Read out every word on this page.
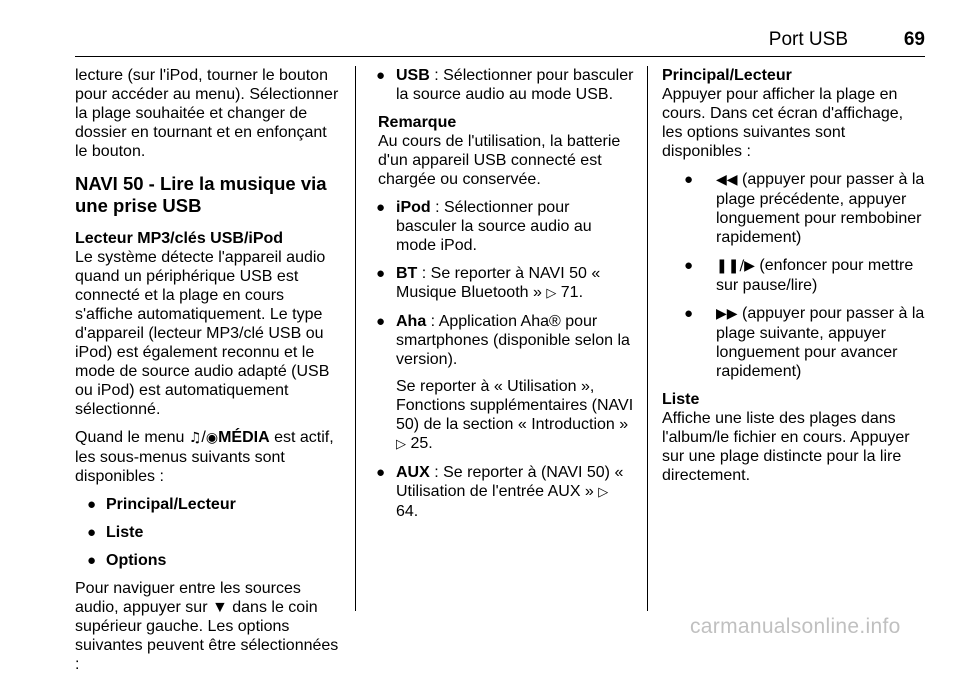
Port USB	69

lecture (sur l'iPod, tourner le bouton pour accéder au menu). Sélectionner la plage souhaitée et changer de dossier en tournant et en enfonçant le bouton.

NAVI 50 - Lire la musique via une prise USB
Lecteur MP3/clés USB/iPod

Le système détecte l'appareil audio quand un périphérique USB est connecté et la plage en cours s'affiche automatiquement. Le type d'appareil (lecteur MP3/clé USB ou iPod) est également reconnu et le mode de source audio adapté (USB ou iPod) est automatiquement sélectionné.

Quand le menu ♫/◉MÉDIA est actif, les sous-menus suivants sont disponibles :

● Principal/Lecteur
● Liste
● Options

Pour naviguer entre les sources audio, appuyer sur ▼ dans le coin supérieur gauche. Les options suivantes peuvent être sélectionnées :

● USB : Sélectionner pour basculer la source audio au mode USB.
Remarque
Au cours de l'utilisation, la batterie d'un appareil USB connecté est chargée ou conservée.
● iPod : Sélectionner pour basculer la source audio au mode iPod.
● BT : Se reporter à NAVI 50 « Musique Bluetooth » ▷ 71.
● Aha : Application Aha® pour smartphones (disponible selon la version).
Se reporter à « Utilisation », Fonctions supplémentaires (NAVI 50) de la section « Introduction » ▷ 25.
● AUX : Se reporter à (NAVI 50) « Utilisation de l'entrée AUX » ▷ 64.
Principal/Lecteur

Appuyer pour afficher la plage en cours. Dans cet écran d'affichage, les options suivantes sont disponibles :

● ◀◀ (appuyer pour passer à la plage précédente, appuyer longuement pour rembobiner rapidement)
● ❚❚/▶ (enfoncer pour mettre sur pause/lire)
● ▶▶ (appuyer pour passer à la plage suivante, appuyer longuement pour avancer rapidement)
Liste

Affiche une liste des plages dans l'album/le fichier en cours. Appuyer sur une plage distincte pour la lire directement.

carmanualsonline.info
